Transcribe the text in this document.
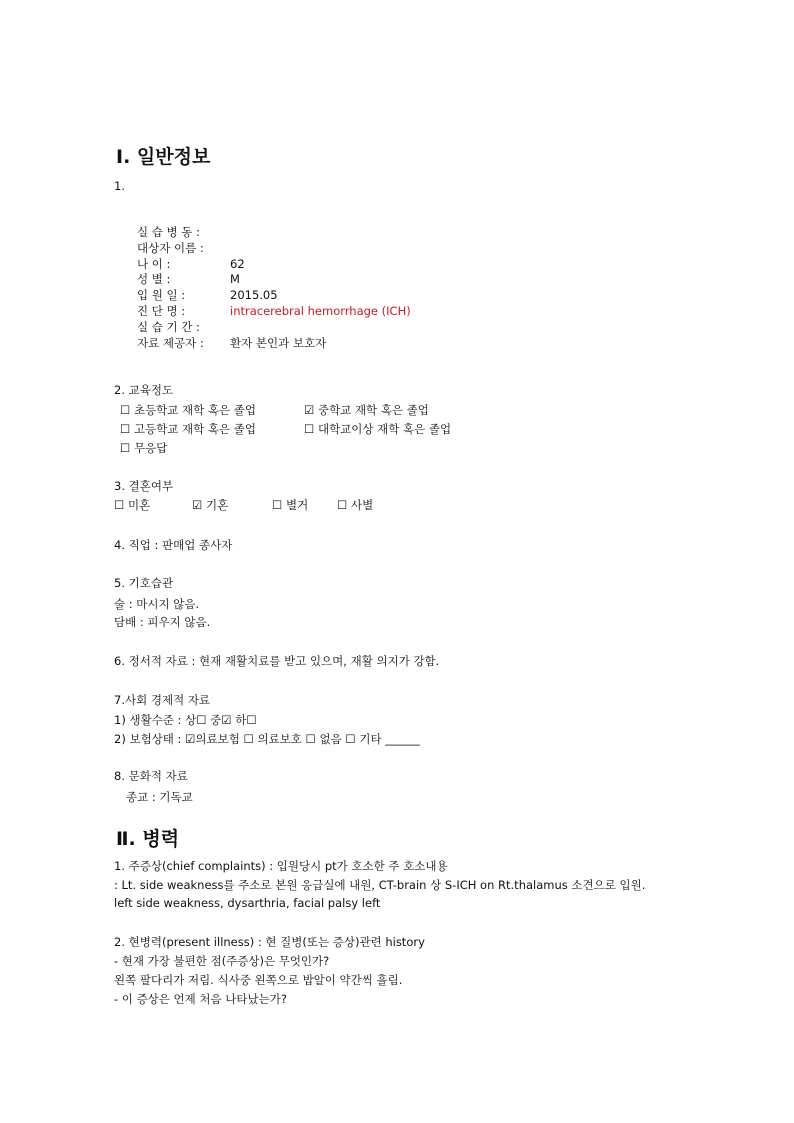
Ⅰ. 일반정보
1.
실 습 병 동 :
대상자 이름 :
나 이 :	62
성 별 :	M
입 원 일 :	2015.05
진 단 명 :	intracerebral hemorrhage (ICH)
실 습 기 간 :
자료 제공자 : 환자 본인과 보호자
2. 교육정도
☐ 초등학교 재학 혹은 졸업	☑ 중학교 재학 혹은 졸업
☐ 고등학교 재학 혹은 졸업	☐ 대학교이상 재학 혹은 졸업
☐ 무응답
3. 결혼여부
☐ 미혼	☑ 기혼	☐ 별거	☐ 사별
4. 직업 : 판매업 종사자
5. 기호습관
술 : 마시지 않음.
담배 : 피우지 않음.
6. 정서적 자료 : 현재 재활치료를 받고 있으며, 재활 의지가 강함.
7.사회 경제적 자료
1) 생활수준 : 상☐ 중☑ 하☐
2) 보험상태 : ☑의료보험 ☐ 의료보호 ☐ 없음 ☐ 기타 ______
8. 문화적 자료
종교 : 기독교
Ⅱ. 병력
1. 주증상(chief complaints) : 입원당시 pt가 호소한 주 호소내용
: Lt. side weakness를 주소로 본원 응급실에 내원, CT-brain 상 S-ICH on Rt.thalamus 소견으로 입원.
left side weakness, dysarthria, facial palsy left
2. 현병력(present illness) : 현 질병(또는 증상)관련 history
- 현재 가장 불편한 점(주증상)은 무엇인가?
왼쪽 팔다리가 저림. 식사중 왼쪽으로 밥알이 약간씩 흘림.
- 이 증상은 언제 처음 나타났는가?
